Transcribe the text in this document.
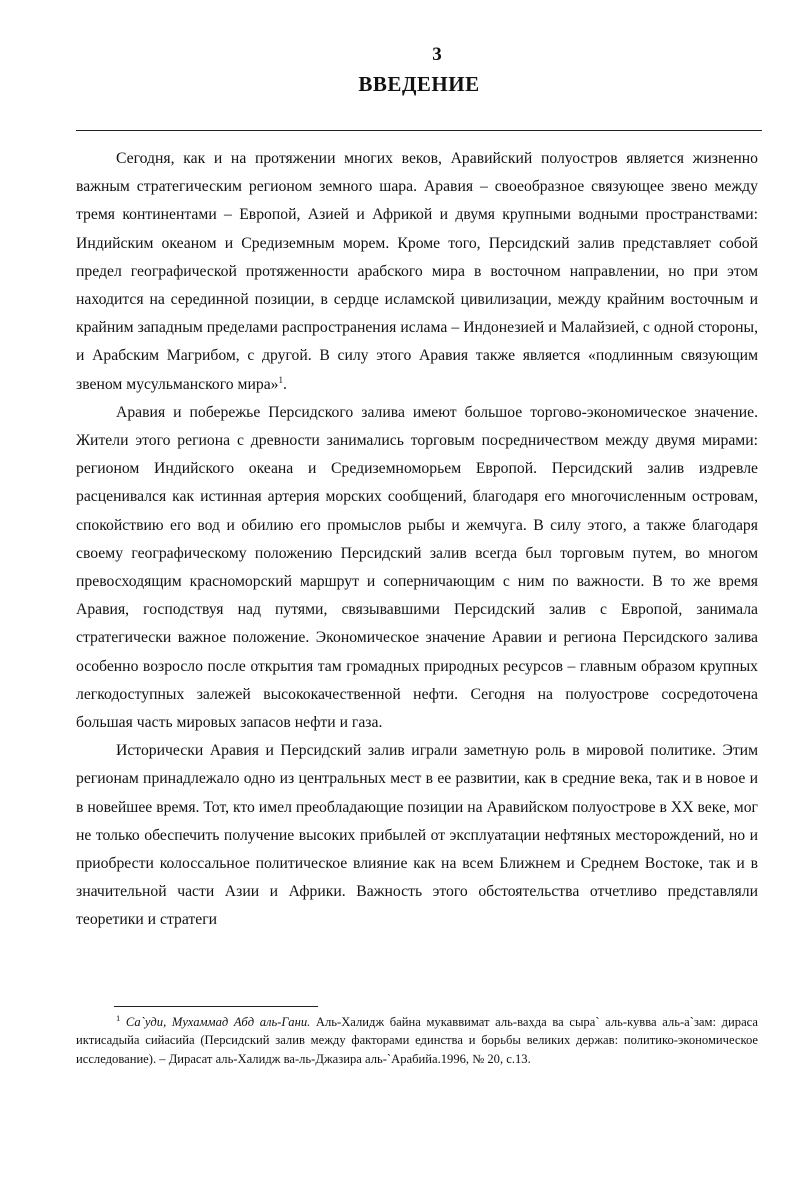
3
ВВЕДЕНИЕ

Сегодня, как и на протяжении многих веков, Аравийский полуостров является жизненно важным стратегическим регионом земного шара. Аравия – своеобразное связующее звено между тремя континентами – Европой, Азией и Африкой и двумя крупными водными пространствами: Индийским океаном и Средиземным морем. Кроме того, Персидский залив представляет собой предел географической протяженности арабского мира в восточном направлении, но при этом находится на серединной позиции, в сердце исламской цивилизации, между крайним восточным и крайним западным пределами распространения ислама – Индонезией и Малайзией, с одной стороны, и Арабским Магрибом, с другой. В силу этого Аравия также является «подлинным связующим звеном мусульманского мира»$^1$.

Аравия и побережье Персидского залива имеют большое торгово-экономическое значение. Жители этого региона с древности занимались торговым посредничеством между двумя мирами: регионом Индийского океана и Средиземноморьем Европой. Персидский залив издревле расценивался как истинная артерия морских сообщений, благодаря его многочисленным островам, спокойствию его вод и обилию его промыслов рыбы и жемчуга. В силу этого, а также благодаря своему географическому положению Персидский залив всегда был торговым путем, во многом превосходящим красноморский маршрут и соперничающим с ним по важности. В то же время Аравия, господствуя над путями, связывавшими Персидский залив с Европой, занимала стратегически важное положение. Экономическое значение Аравии и региона Персидского залива особенно возросло после открытия там громадных природных ресурсов – главным образом крупных легкодоступных залежей высококачественной нефти. Сегодня на полуострове сосредоточена большая часть мировых запасов нефти и газа.

Исторически Аравия и Персидский залив играли заметную роль в мировой политике. Этим регионам принадлежало одно из центральных мест в ее развитии, как в средние века, так и в новое и в новейшее время. Тот, кто имел преобладающие позиции на Аравийском полуострове в XX веке, мог не только обеспечить получение высоких прибылей от эксплуатации нефтяных месторождений, но и приобрести колоссальное политическое влияние как на всем Ближнем и Среднем Востоке, так и в значительной части Азии и Африки. Важность этого обстоятельства отчетливо представляли теоретики и стратеги

$^1$ Са`уди, Мухаммад Абд аль-Гани. Аль-Халидж байна мукаввимат аль-вахда ва сыра` аль-кувва аль-а`зам: дираса иктисадыйа сийасийа (Персидский залив между факторами единства и борьбы великих держав: политико-экономическое исследование). – Дирасат аль-Халидж ва-ль-Джазира аль-`Арабийа.1996, № 20, с.13.
